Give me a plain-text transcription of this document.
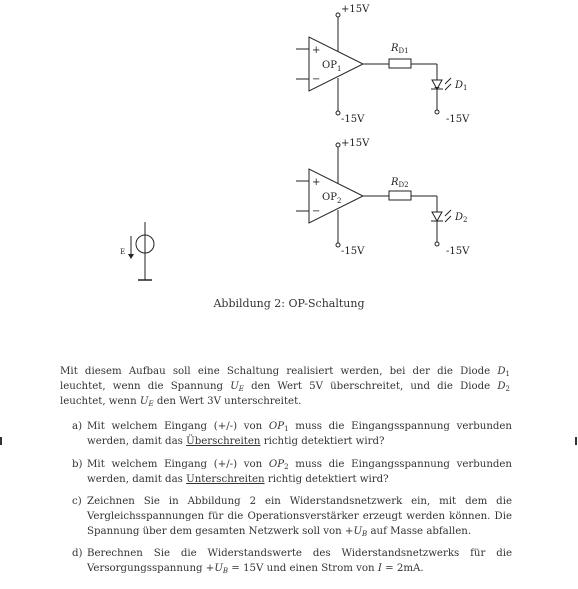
+15V
-15V
+
−
$OP_1$
$R_{D1}$
$D_1$
-15V
+15V
-15V
+
−
$OP_2$
$R_{D2}$
$D_2$
-15V
E
Abbildung 2: OP-Schaltung
Mit diesem Aufbau soll eine Schaltung realisiert werden, bei der die Diode $D_1$ leuchtet, wenn die Spannung $U_E$ den Wert 5V überschreitet, und die Diode $D_2$ leuchtet, wenn $U_E$ den Wert 3V unterschreitet.
a) Mit welchem Eingang (+/-) von $OP_1$ muss die Eingangsspannung verbunden werden, damit das Überschreiten richtig detektiert wird?
b) Mit welchem Eingang (+/-) von $OP_2$ muss die Eingangsspannung verbunden werden, damit das Unterschreiten richtig detektiert wird?
c) Zeichnen Sie in Abbildung 2 ein Widerstandsnetzwerk ein, mit dem die Vergleichsspannungen für die Operationsverstärker erzeugt werden können. Die Spannung über dem gesamten Netzwerk soll von $+U_B$ auf Masse abfallen.
d) Berechnen Sie die Widerstandswerte des Widerstandsnetzwerks für die Versorgungsspannung $+U_B = 15V$ und einen Strom von I = 2mA.
